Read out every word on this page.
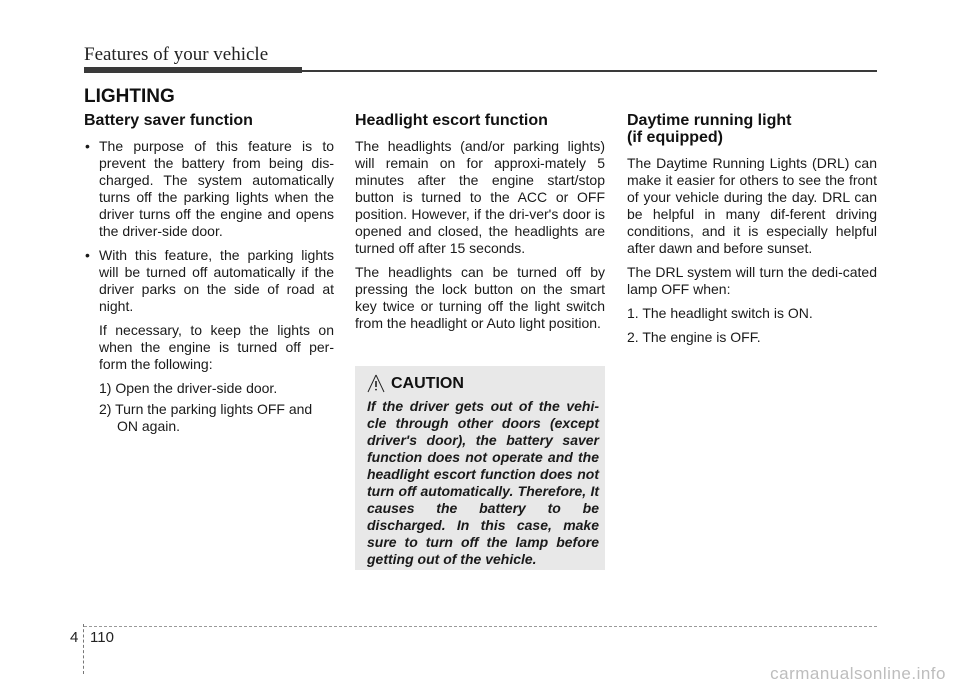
Features of your vehicle
LIGHTING
Battery saver function
• The purpose of this feature is to prevent the battery from being dis-charged. The system automatically turns off the parking lights when the driver turns off the engine and opens the driver-side door.
• With this feature, the parking lights will be turned off automatically if the driver parks on the side of road at night.

If necessary, to keep the lights on when the engine is turned off per-form the following:

1) Open the driver-side door.
2) Turn the parking lights OFF and ON again.
Headlight escort function

The headlights (and/or parking lights) will remain on for approxi-mately 5 minutes after the engine start/stop button is turned to the ACC or OFF position. However, if the dri-ver's door is opened and closed, the headlights are turned off after 15 seconds.

The headlights can be turned off by pressing the lock button on the smart key twice or turning off the light switch from the headlight or Auto light position.

CAUTION

If the driver gets out of the vehi-cle through other doors (except driver's door), the battery saver function does not operate and the headlight escort function does not turn off automatically. Therefore, It causes the battery to be discharged. In this case, make sure to turn off the lamp before getting out of the vehicle.

Daytime running light
(if equipped)

The Daytime Running Lights (DRL) can make it easier for others to see the front of your vehicle during the day. DRL can be helpful in many dif-ferent driving conditions, and it is especially helpful after dawn and before sunset.

The DRL system will turn the dedi-cated lamp OFF when:

1. The headlight switch is ON.

2. The engine is OFF.

4 110
carmanualsonline.info
